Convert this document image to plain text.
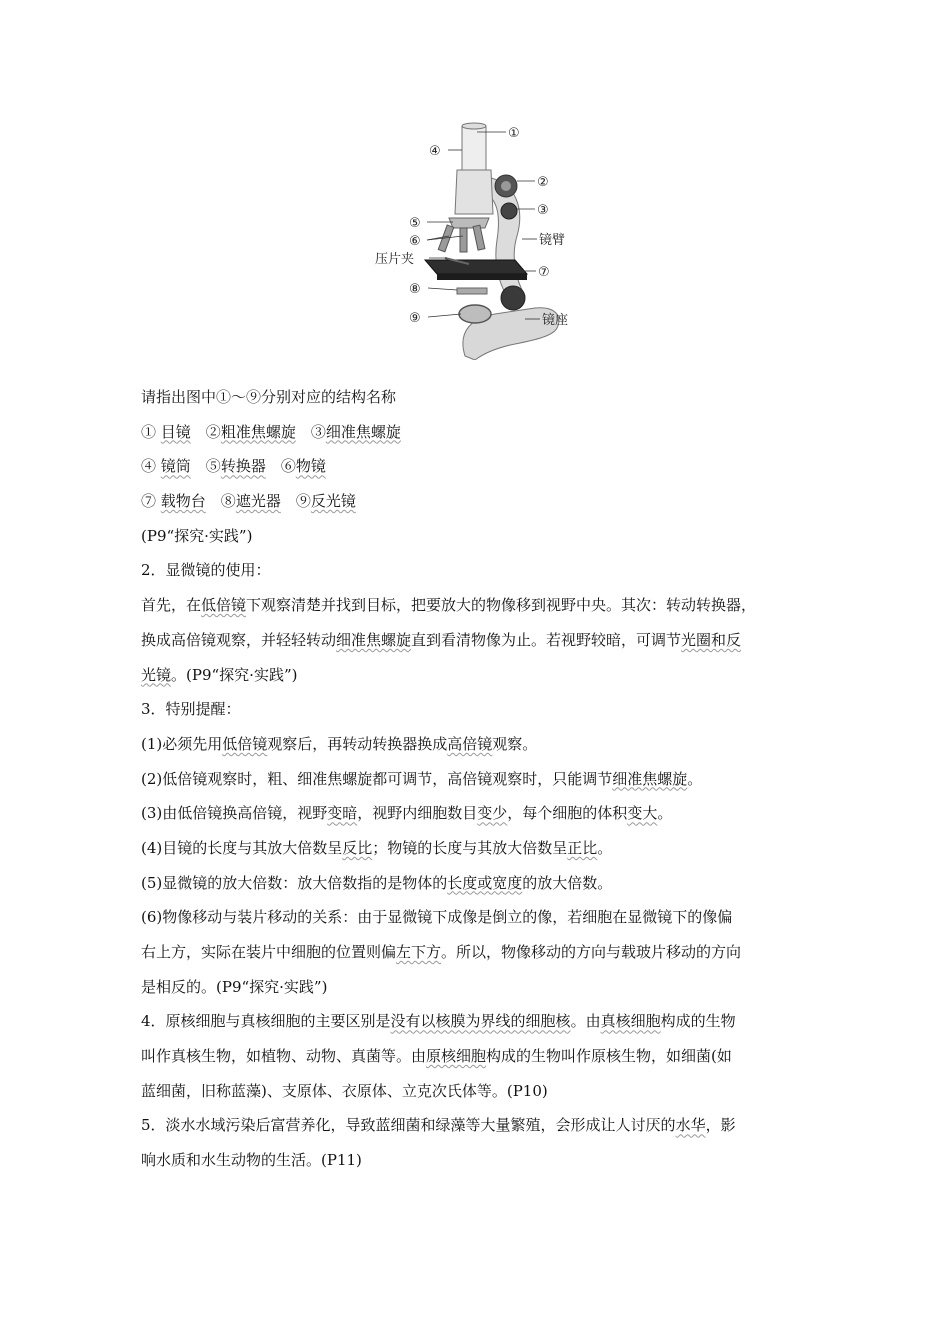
①
④
②
③
⑤
⑥
压片夹
镜臂
⑦
⑧
⑨	镜座
请指出图中①～⑨分别对应的结构名称
① 目镜　②粗准焦螺旋　③细准焦螺旋
④ 镜筒　⑤转换器　⑥物镜
⑦ 载物台　⑧遮光器　⑨反光镜
(P9“探究·实践”)
2．显微镜的使用：
首先，在低倍镜下观察清楚并找到目标，把要放大的物像移到视野中央。其次：转动转换器，
换成高倍镜观察，并轻轻转动细准焦螺旋直到看清物像为止。若视野较暗，可调节光圈和反
光镜。(P9“探究·实践”)
3．特别提醒：
(1)必须先用低倍镜观察后，再转动转换器换成高倍镜观察。
(2)低倍镜观察时，粗、细准焦螺旋都可调节，高倍镜观察时，只能调节细准焦螺旋。
(3)由低倍镜换高倍镜，视野变暗，视野内细胞数目变少，每个细胞的体积变大。
(4)目镜的长度与其放大倍数呈反比；物镜的长度与其放大倍数呈正比。
(5)显微镜的放大倍数：放大倍数指的是物体的长度或宽度的放大倍数。
(6)物像移动与装片移动的关系：由于显微镜下成像是倒立的像，若细胞在显微镜下的像偏
右上方，实际在装片中细胞的位置则偏左下方。所以，物像移动的方向与载玻片移动的方向
是相反的。(P9“探究·实践”)
4．原核细胞与真核细胞的主要区别是没有以核膜为界线的细胞核。由真核细胞构成的生物
叫作真核生物，如植物、动物、真菌等。由原核细胞构成的生物叫作原核生物，如细菌(如
蓝细菌，旧称蓝藻)、支原体、衣原体、立克次氏体等。(P10)
5．淡水水域污染后富营养化，导致蓝细菌和绿藻等大量繁殖，会形成让人讨厌的水华，影
响水质和水生动物的生活。(P11)
